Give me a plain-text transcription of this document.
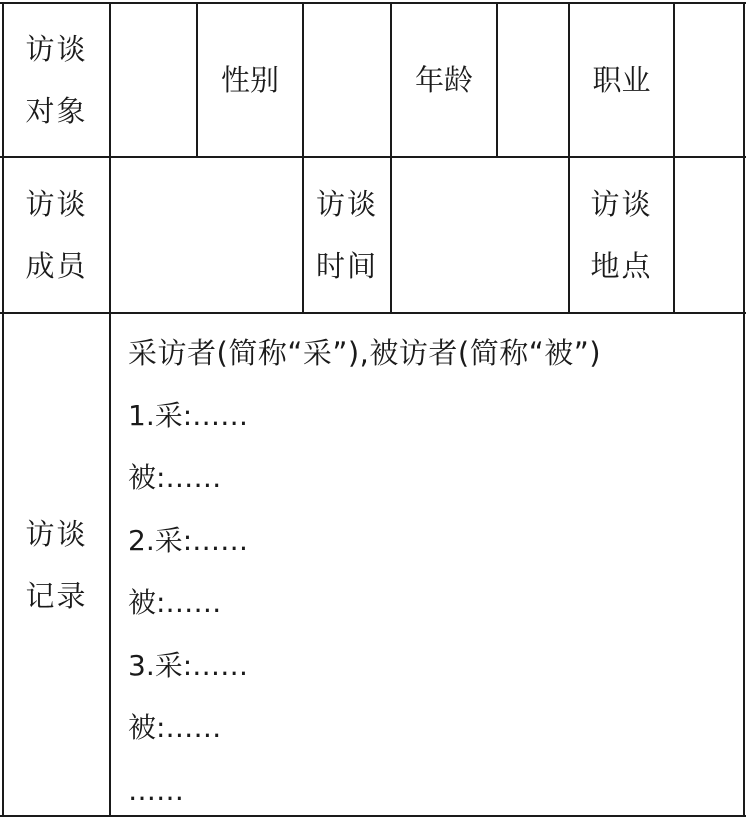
访谈
对象
性别	年龄	职业
访谈
成员
访谈
时间
访谈
地点
访谈
记录
采访者(简称“采”),被访者(简称“被”)
1.采:……
被:……
2.采:……
被:……
3.采:……
被:……
……
